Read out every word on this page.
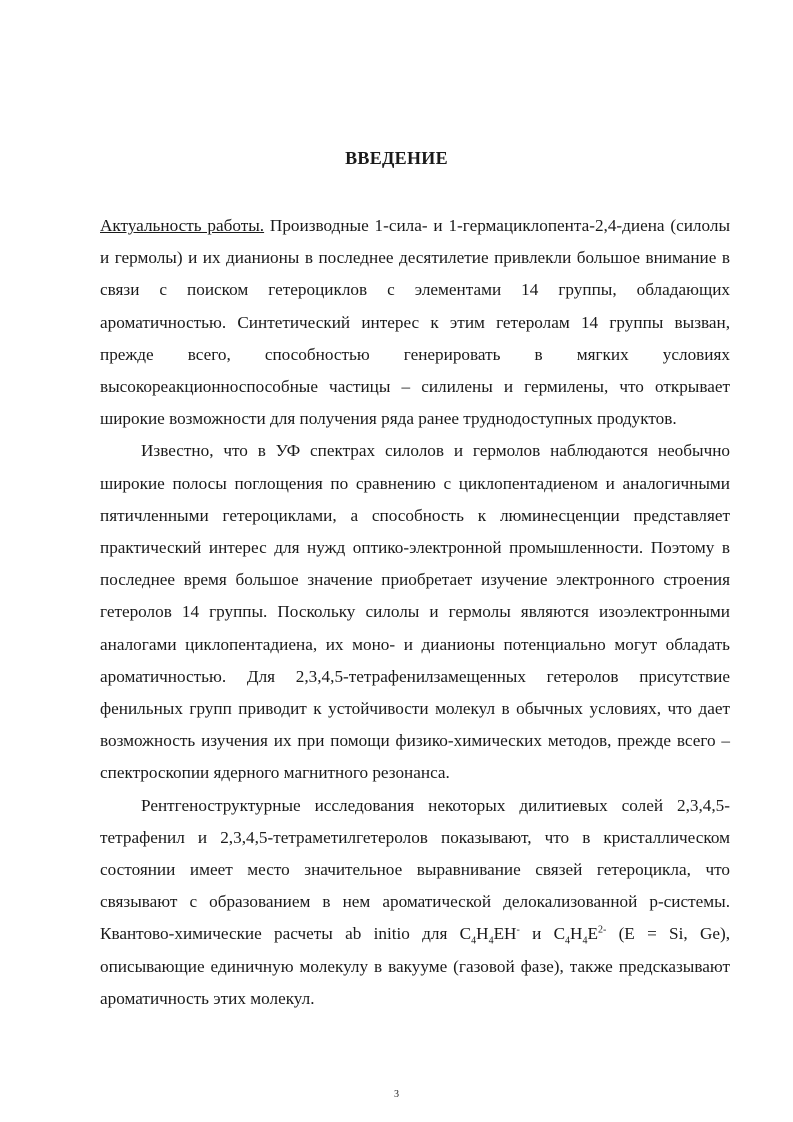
ВВЕДЕНИЕ

Актуальность работы. Производные 1-сила- и 1-гермациклопента-2,4-диена (силолы и гермолы) и их дианионы в последнее десятилетие привлекли большое внимание в связи с поиском гетероциклов с элементами 14 группы, обладающих ароматичностью. Синтетический интерес к этим гетеролам 14 группы вызван, прежде всего, способностью генерировать в мягких условиях высокореакционноспособные частицы – силилены и гермилены, что открывает широкие возможности для получения ряда ранее труднодоступных продуктов.

Известно, что в УФ спектрах силолов и гермолов наблюдаются необычно широкие полосы поглощения по сравнению с циклопентадиеном и аналогичными пятичленными гетероциклами, а способность к люминесценции представляет практический интерес для нужд оптико-электронной промышленности. Поэтому в последнее время большое значение приобретает изучение электронного строения гетеролов 14 группы. Поскольку силолы и гермолы являются изоэлектронными аналогами циклопентадиена, их моно- и дианионы потенциально могут обладать ароматичностью. Для 2,3,4,5-тетрафенилзамещенных гетеролов присутствие фенильных групп приводит к устойчивости молекул в обычных условиях, что дает возможность изучения их при помощи физико-химических методов, прежде всего – спектроскопии ядерного магнитного резонанса.

Рентгеноструктурные исследования некоторых дилитиевых солей 2,3,4,5-тетрафенил и 2,3,4,5-тетраметилгетеролов показывают, что в кристаллическом состоянии имеет место значительное выравнивание связей гетероцикла, что связывают с образованием в нем ароматической делокализованной p-системы. Квантово-химические расчеты ab initio для $C_4H_4EH^-$ и $C_4H_4E^{2-}$ (E = Si, Ge), описывающие единичную молекулу в вакууме (газовой фазе), также предсказывают ароматичность этих молекул.

3
